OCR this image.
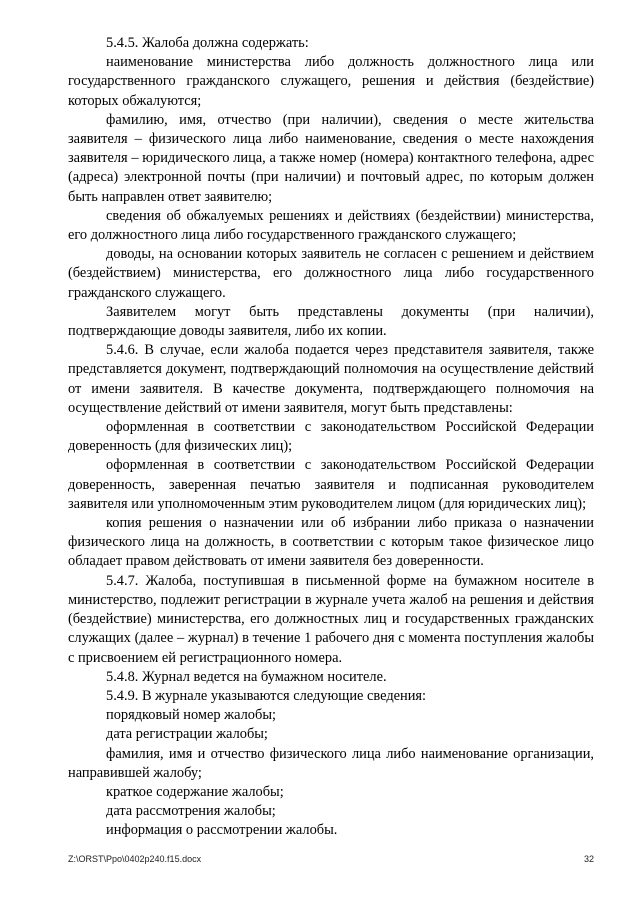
5.4.5. Жалоба должна содержать:

наименование министерства либо должность должностного лица или государственного гражданского служащего, решения и действия (бездействие) которых обжалуются;

фамилию, имя, отчество (при наличии), сведения о месте жительства заявителя – физического лица либо наименование, сведения о месте нахождения заявителя – юридического лица, а также номер (номера) контактного телефона, адрес (адреса) электронной почты (при наличии) и почтовый адрес, по которым должен быть направлен ответ заявителю;

сведения об обжалуемых решениях и действиях (бездействии) министерства, его должностного лица либо государственного гражданского служащего;

доводы, на основании которых заявитель не согласен с решением и действием (бездействием) министерства, его должностного лица либо государственного гражданского служащего.

Заявителем могут быть представлены документы (при наличии), подтверждающие доводы заявителя, либо их копии.

5.4.6. В случае, если жалоба подается через представителя заявителя, также представляется документ, подтверждающий полномочия на осуществление действий от имени заявителя. В качестве документа, подтверждающего полномочия на осуществление действий от имени заявителя, могут быть представлены:

оформленная в соответствии с законодательством Российской Федерации доверенность (для физических лиц);

оформленная в соответствии с законодательством Российской Федерации доверенность, заверенная печатью заявителя и подписанная руководителем заявителя или уполномоченным этим руководителем лицом (для юридических лиц);

копия решения о назначении или об избрании либо приказа о назначении физического лица на должность, в соответствии с которым такое физическое лицо обладает правом действовать от имени заявителя без доверенности.

5.4.7. Жалоба, поступившая в письменной форме на бумажном носителе в министерство, подлежит регистрации в журнале учета жалоб на решения и действия (бездействие) министерства, его должностных лиц и государственных гражданских служащих (далее – журнал) в течение 1 рабочего дня с момента поступления жалобы с присвоением ей регистрационного номера.

5.4.8. Журнал ведется на бумажном носителе.

5.4.9. В журнале указываются следующие сведения:

порядковый номер жалобы;

дата регистрации жалобы;

фамилия, имя и отчество физического лица либо наименование организации, направившей жалобу;

краткое содержание жалобы;

дата рассмотрения жалобы;

информация о рассмотрении жалобы.

Z:\ORST\Ppo\0402p240.f15.docx	32
